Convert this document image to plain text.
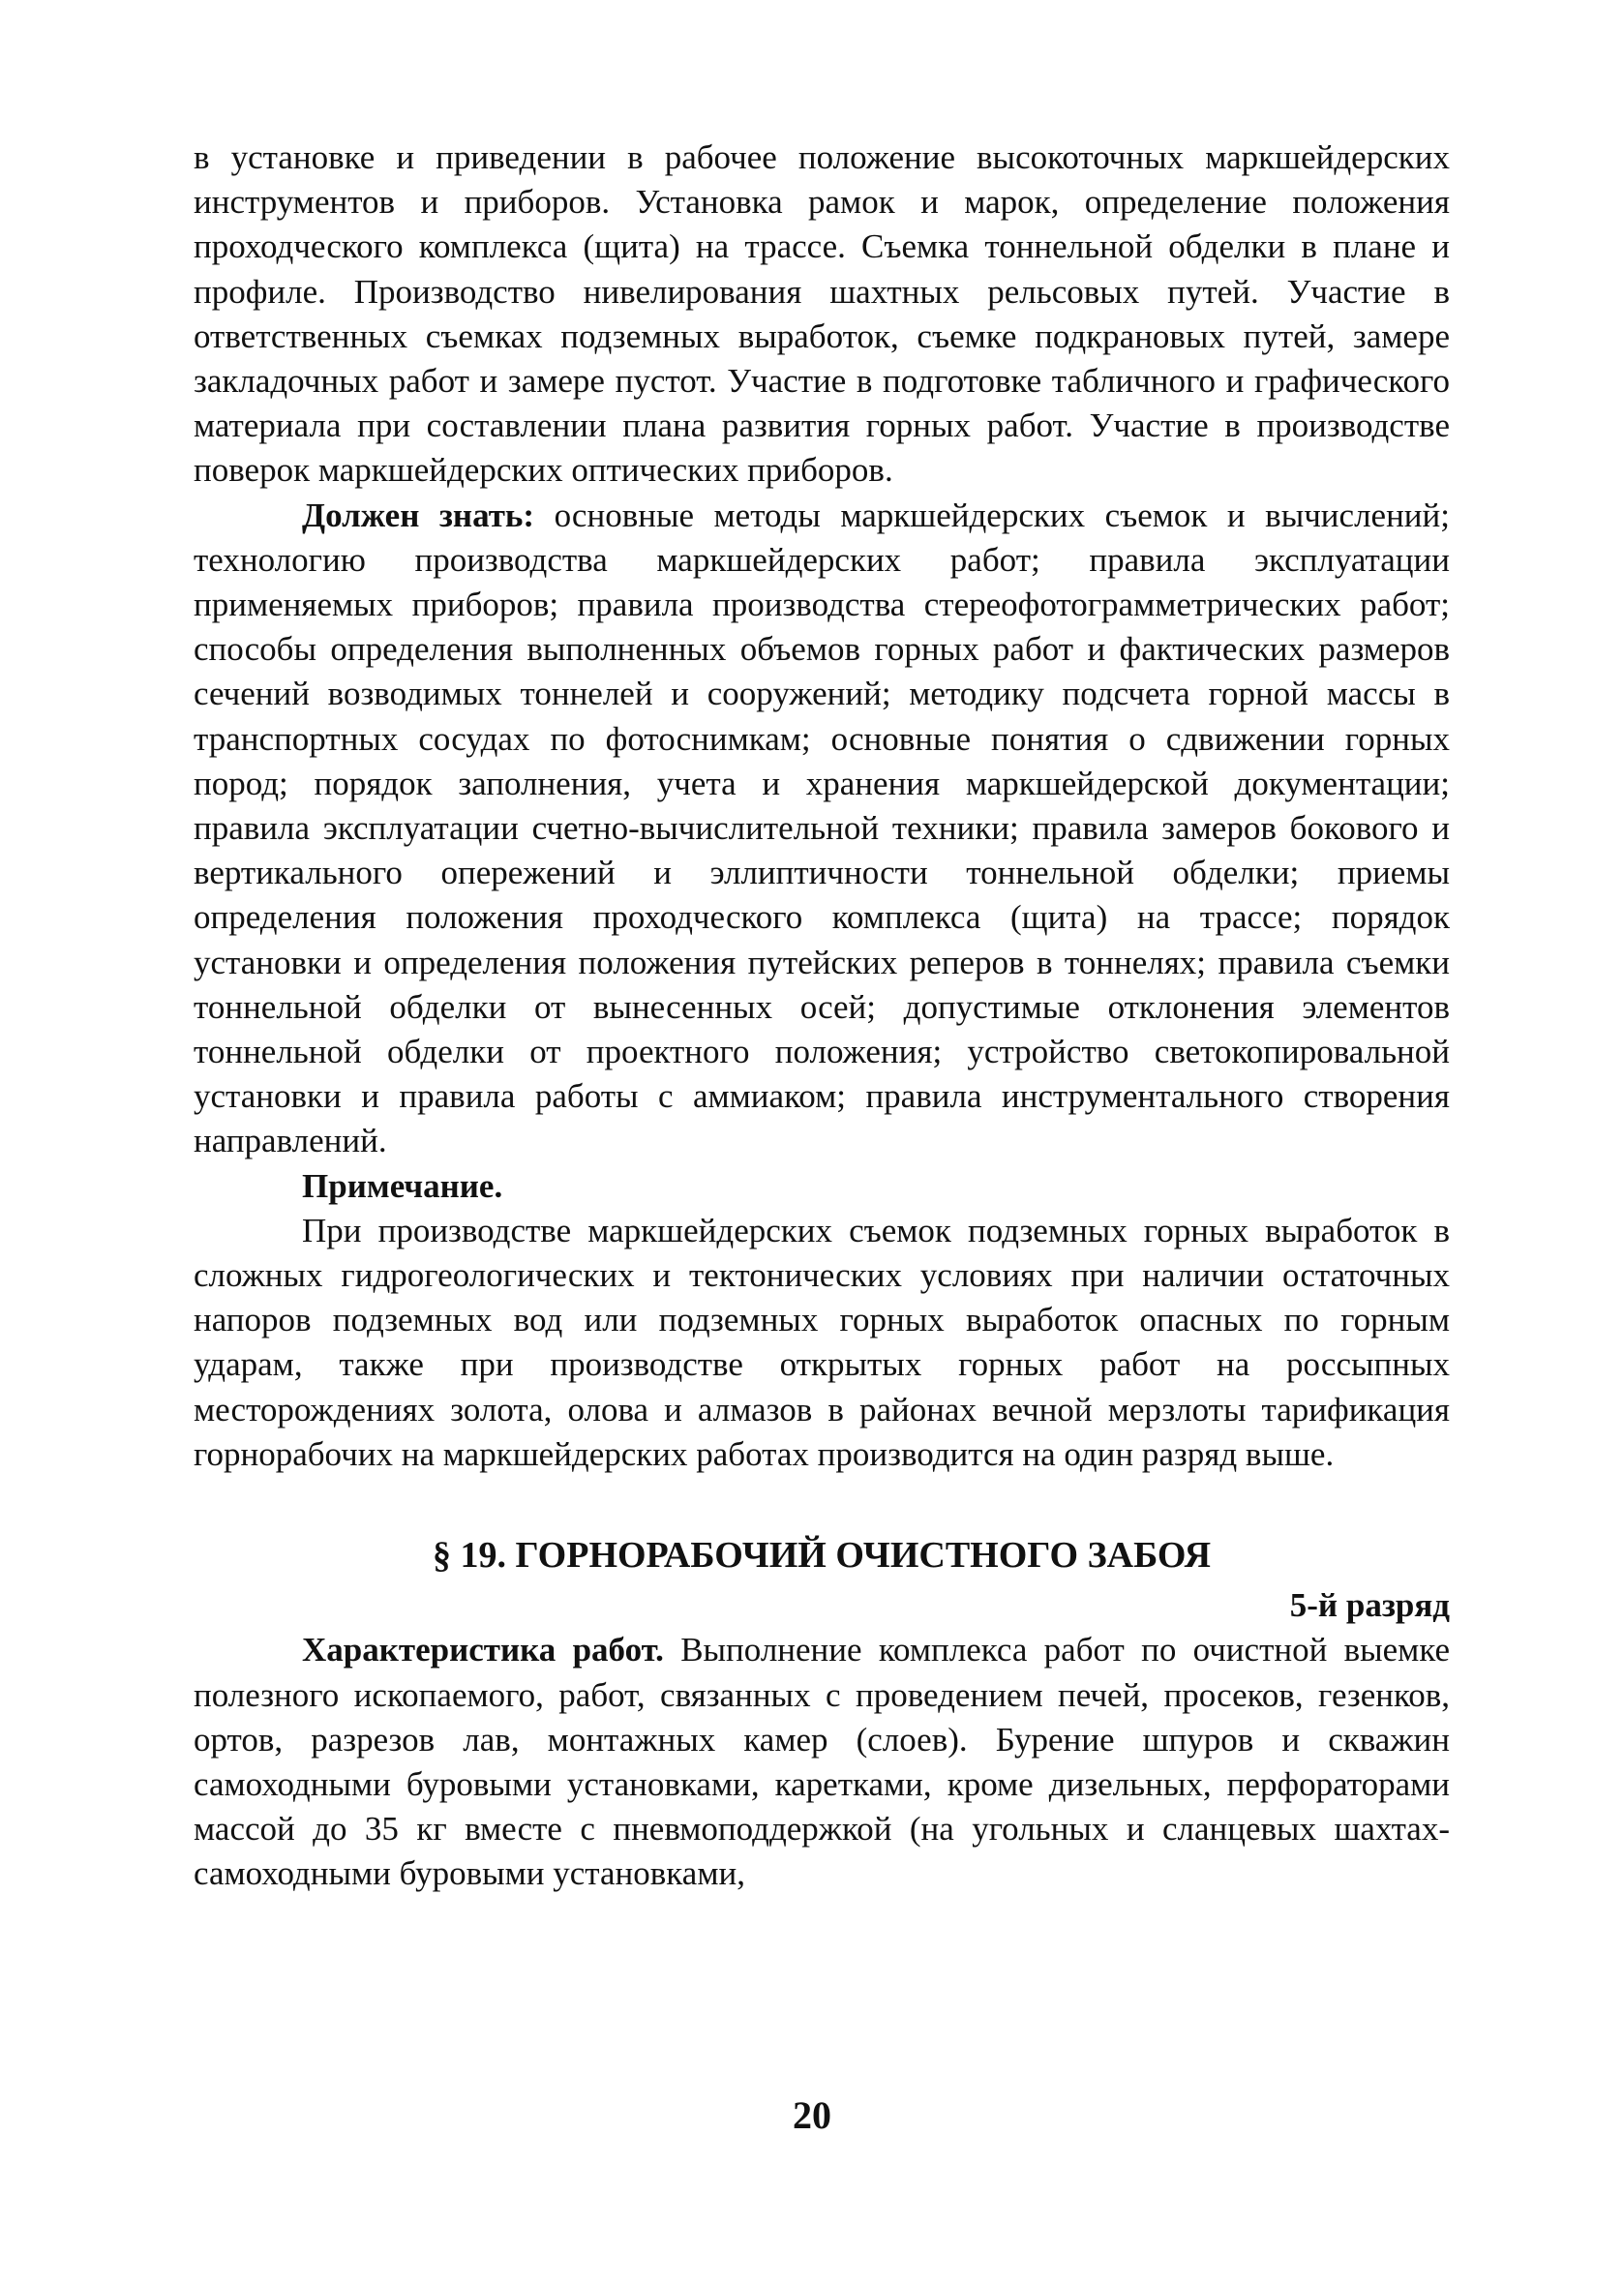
в установке и приведении в рабочее положение высокоточных маркшейдерских инструментов и приборов. Установка рамок и марок, определение положения проходческого комплекса (щита) на трассе. Съемка тоннельной обделки в плане и профиле. Производство нивелирования шахтных рельсовых путей. Участие в ответственных съемках подземных выработок, съемке подкрановых путей, замере закладочных работ и замере пустот. Участие в подготовке табличного и графического материала при составлении плана развития горных работ. Участие в производстве поверок маркшейдерских оптических приборов.

Должен знать: основные методы маркшейдерских съемок и вычислений; технологию производства маркшейдерских работ; правила эксплуатации применяемых приборов; правила производства стереофотограмметрических работ; способы определения выполненных объемов горных работ и фактических размеров сечений возводимых тоннелей и сооружений; методику подсчета горной массы в транспортных сосудах по фотоснимкам; основные понятия о сдвижении горных пород; порядок заполнения, учета и хранения маркшейдерской документации; правила эксплуатации счетно-вычислительной техники; правила замеров бокового и вертикального опережений и эллиптичности тоннельной обделки; приемы определения положения проходческого комплекса (щита) на трассе; порядок установки и определения положения путейских реперов в тоннелях; правила съемки тоннельной обделки от вынесенных осей; допустимые отклонения элементов тоннельной обделки от проектного положения; устройство светокопировальной установки и правила работы с аммиаком; правила инструментального створения направлений.

Примечание.

При производстве маркшейдерских съемок подземных горных выработок в сложных гидрогеологических и тектонических условиях при наличии остаточных напоров подземных вод или подземных горных выработок опасных по горным ударам, также при производстве открытых горных работ на россыпных месторождениях золота, олова и алмазов в районах вечной мерзлоты тарификация горнорабочих на маркшейдерских работах производится на один разряд выше.

§ 19. ГОРНОРАБОЧИЙ ОЧИСТНОГО ЗАБОЯ

5-й разряд

Характеристика работ. Выполнение комплекса работ по очистной выемке полезного ископаемого, работ, связанных с проведением печей, просеков, гезенков, ортов, разрезов лав, монтажных камер (слоев). Бурение шпуров и скважин самоходными буровыми установками, каретками, кроме дизельных, перфораторами массой до 35 кг вместе с пневмоподдержкой (на угольных и сланцевых шахтах-самоходными буровыми установками,

20
